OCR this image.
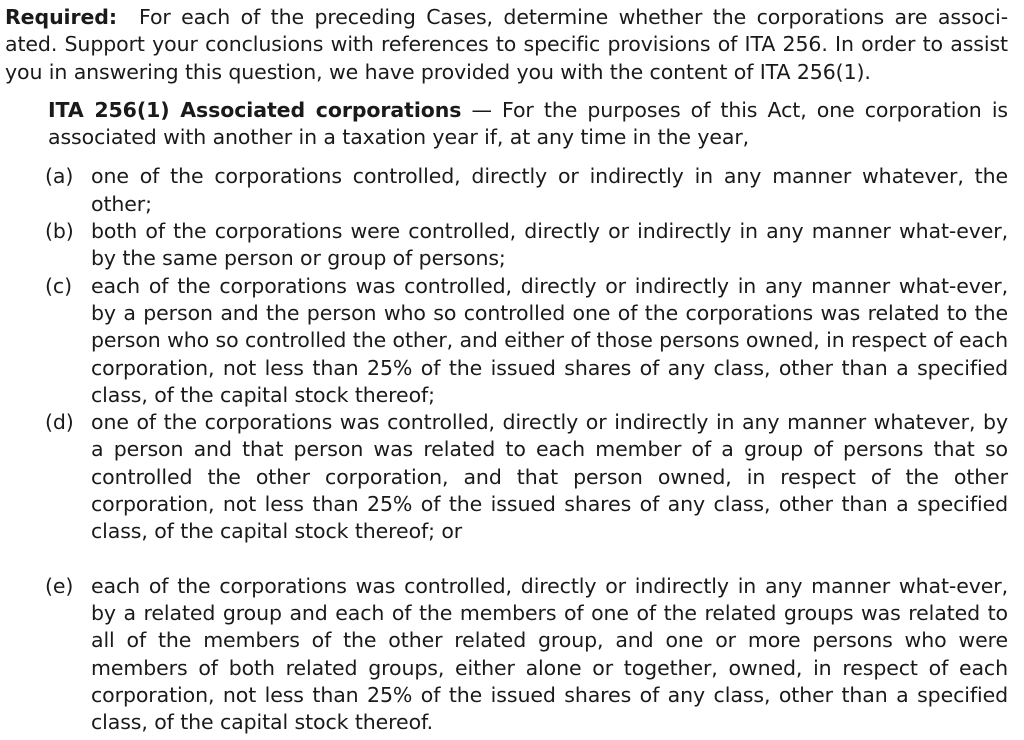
Required: For each of the preceding Cases, determine whether the corporations are associ-ated. Support your conclusions with references to specific provisions of ITA 256. In order to assist you in answering this question, we have provided you with the content of ITA 256(1).

ITA 256(1) Associated corporations — For the purposes of this Act, one corporation is associated with another in a taxation year if, at any time in the year,

(a) one of the corporations controlled, directly or indirectly in any manner whatever, the other;
(b) both of the corporations were controlled, directly or indirectly in any manner what-ever, by the same person or group of persons;
(c) each of the corporations was controlled, directly or indirectly in any manner what-ever, by a person and the person who so controlled one of the corporations was related to the person who so controlled the other, and either of those persons owned, in respect of each corporation, not less than 25% of the issued shares of any class, other than a specified class, of the capital stock thereof;
(d) one of the corporations was controlled, directly or indirectly in any manner whatever, by a person and that person was related to each member of a group of persons that so controlled the other corporation, and that person owned, in respect of the other corporation, not less than 25% of the issued shares of any class, other than a specified class, of the capital stock thereof; or
(e) each of the corporations was controlled, directly or indirectly in any manner what-ever, by a related group and each of the members of one of the related groups was related to all of the members of the other related group, and one or more persons who were members of both related groups, either alone or together, owned, in respect of each corporation, not less than 25% of the issued shares of any class, other than a specified class, of the capital stock thereof.
